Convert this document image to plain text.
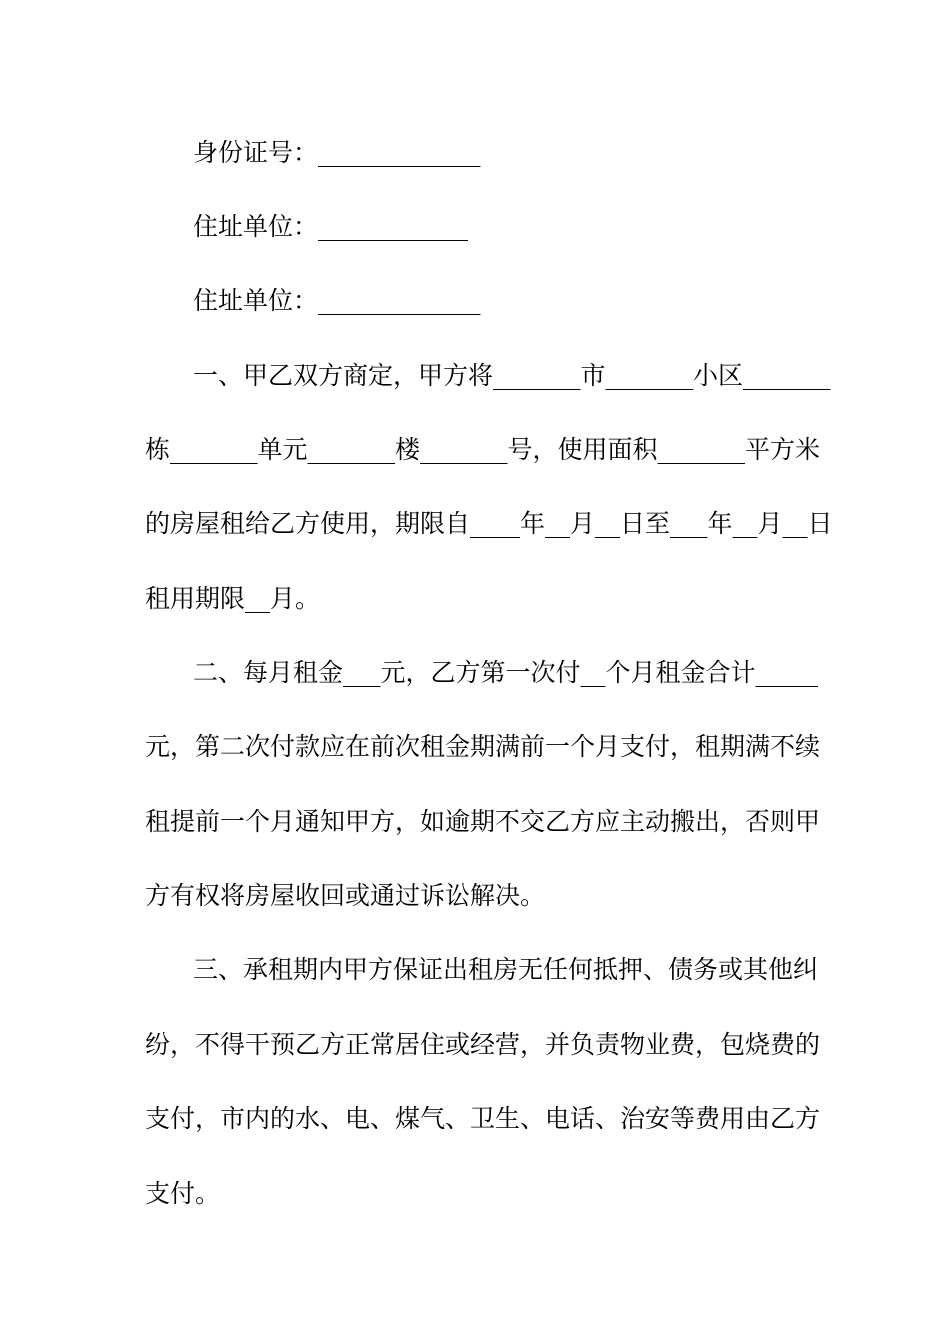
身份证号：_____________

住址单位：____________

住址单位：_____________

一、甲乙双方商定，甲方将_______市_______小区_______

栋_______单元_______楼_______号，使用面积_______平方米

的房屋租给乙方使用，期限自____年__月__日至___年__月__日

租用期限__月。

二、每月租金___元，乙方第一次付__个月租金合计_____

元，第二次付款应在前次租金期满前一个月支付，租期满不续

租提前一个月通知甲方，如逾期不交乙方应主动搬出，否则甲

方有权将房屋收回或通过诉讼解决。

三、承租期内甲方保证出租房无任何抵押、债务或其他纠

纷，不得干预乙方正常居住或经营，并负责物业费，包烧费的

支付，市内的水、电、煤气、卫生、电话、治安等费用由乙方

支付。
